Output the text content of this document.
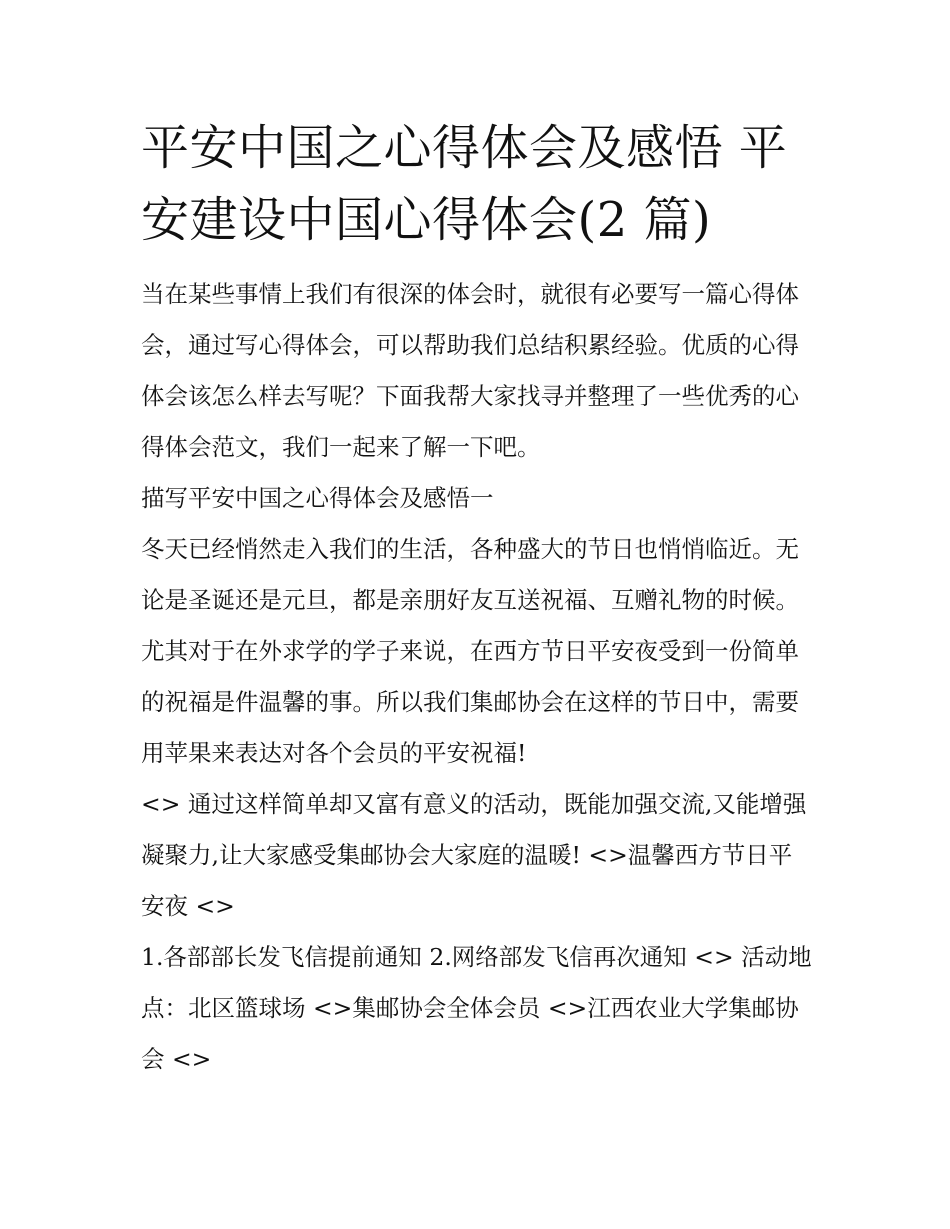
平安中国之心得体会及感悟 平安建设中国心得体会(2 篇)

当在某些事情上我们有很深的体会时，就很有必要写一篇心得体会，通过写心得体会，可以帮助我们总结积累经验。优质的心得体会该怎么样去写呢？下面我帮大家找寻并整理了一些优秀的心得体会范文，我们一起来了解一下吧。

描写平安中国之心得体会及感悟一

冬天已经悄然走入我们的生活，各种盛大的节日也悄悄临近。无论是圣诞还是元旦，都是亲朋好友互送祝福、互赠礼物的时候。尤其对于在外求学的学子来说，在西方节日平安夜受到一份简单的祝福是件温馨的事。所以我们集邮协会在这样的节日中，需要用苹果来表达对各个会员的平安祝福!

<> 通过这样简单却又富有意义的活动，既能加强交流,又能增强凝聚力,让大家感受集邮协会大家庭的温暖! <>温馨西方节日平安夜 <>

1.各部部长发飞信提前通知 2.网络部发飞信再次通知 <> 活动地点：北区篮球场 <>集邮协会全体会员 <>江西农业大学集邮协会 <>
